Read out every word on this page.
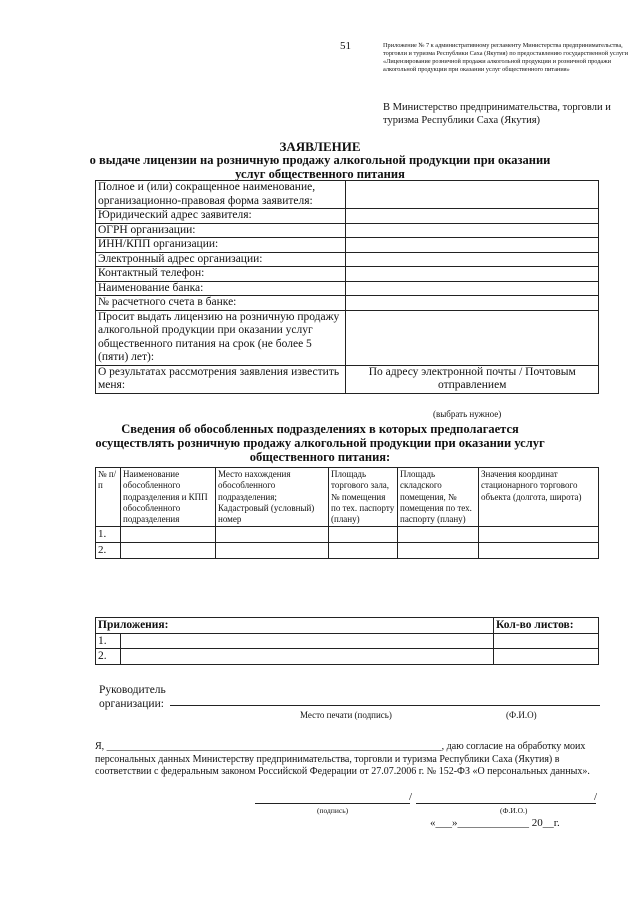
51	Приложение № 7 к административному регламенту Министерства предпринимательства, торговли и туризма Республики Саха (Якутия) по предоставлению государственной услуги «Лицензирование розничной продажи алкогольной продукции и розничной продажи алкогольной продукции при оказании услуг общественного питания»
В Министерство предпринимательства, торговли и туризма Республики Саха (Якутия)
ЗАЯВЛЕНИЕ
о выдаче лицензии на розничную продажу алкогольной продукции при оказании услуг общественного питания
Полное и (или) сокращенное наименование, организационно-правовая форма заявителя:	
Юридический адрес заявителя:	
ОГРН организации:	
ИНН/КПП организации:	
Электронный адрес организации:	
Контактный телефон:	
Наименование банка:	
№ расчетного счета в банке:	
Просит выдать лицензию на розничную продажу алкогольной продукции при оказании услуг общественного питания на срок (не более 5 (пяти) лет):	
О результатах рассмотрения заявления известить меня:	По адресу электронной почты / Почтовым отправлением
(выбрать нужное)
Сведения об обособленных подразделениях в которых предполагается осуществлять розничную продажу алкогольной продукции при оказании услуг общественного питания:
№ п/п	Наименование обособленного подразделения и КПП обособленного подразделения	Место нахождения обособленного подразделения; Кадастровый (условный) номер	Площадь торгового зала, № помещения по тех. паспорту (плану)	Площадь складского помещения, № помещения по тех. паспорту (плану)	Значения координат стационарного торгового объекта (долгота, широта)
1.					
2.					
Приложения:		Кол-во листов:
1.		
2.		
Руководитель организации:
Место печати (подпись)	(Ф.И.О)
Я, ___________________________________________________________________, даю согласие на обработку моих персональных данных Министерству предпринимательства, торговли и туризма Республики Саха (Якутия) в соответствии с федеральным законом Российской Федерации от 27.07.2006 г. № 152-ФЗ «О персональных данных».
/	/
(подпись)	(Ф.И.О.)
«___»_____________ 20__г.
